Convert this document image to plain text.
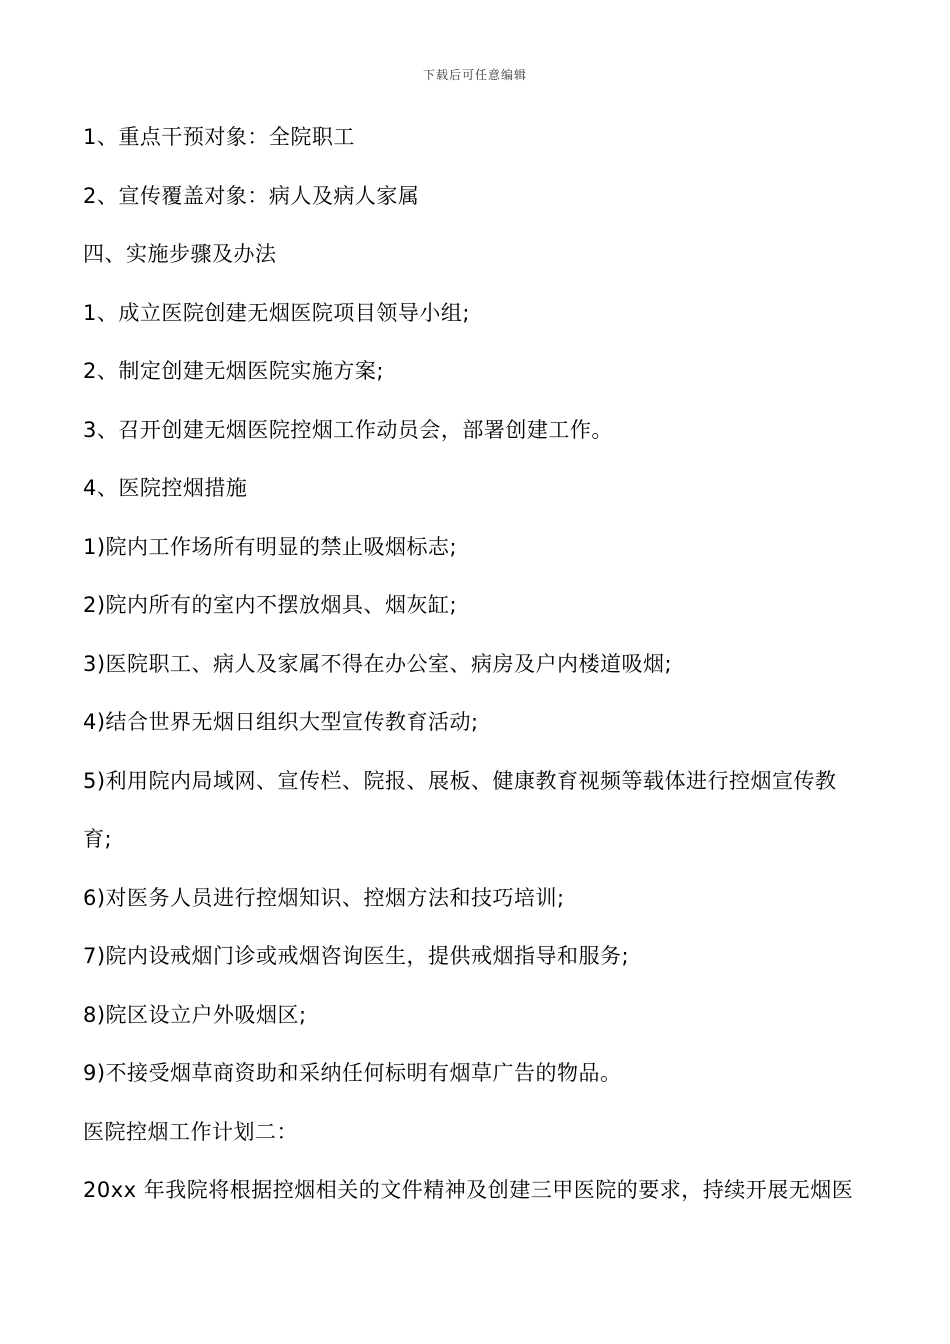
下载后可任意编辑
1、重点干预对象：全院职工
2、宣传覆盖对象：病人及病人家属
四、实施步骤及办法
1、成立医院创建无烟医院项目领导小组;
2、制定创建无烟医院实施方案;
3、召开创建无烟医院控烟工作动员会，部署创建工作。
4、医院控烟措施
1)院内工作场所有明显的禁止吸烟标志;
2)院内所有的室内不摆放烟具、烟灰缸;
3)医院职工、病人及家属不得在办公室、病房及户内楼道吸烟;
4)结合世界无烟日组织大型宣传教育活动;
5)利用院内局域网、宣传栏、院报、展板、健康教育视频等载体进行控烟宣传教
育;
6)对医务人员进行控烟知识、控烟方法和技巧培训;
7)院内设戒烟门诊或戒烟咨询医生，提供戒烟指导和服务;
8)院区设立户外吸烟区;
9)不接受烟草商资助和采纳任何标明有烟草广告的物品。
医院控烟工作计划二：
20xx 年我院将根据控烟相关的文件精神及创建三甲医院的要求，持续开展无烟医
